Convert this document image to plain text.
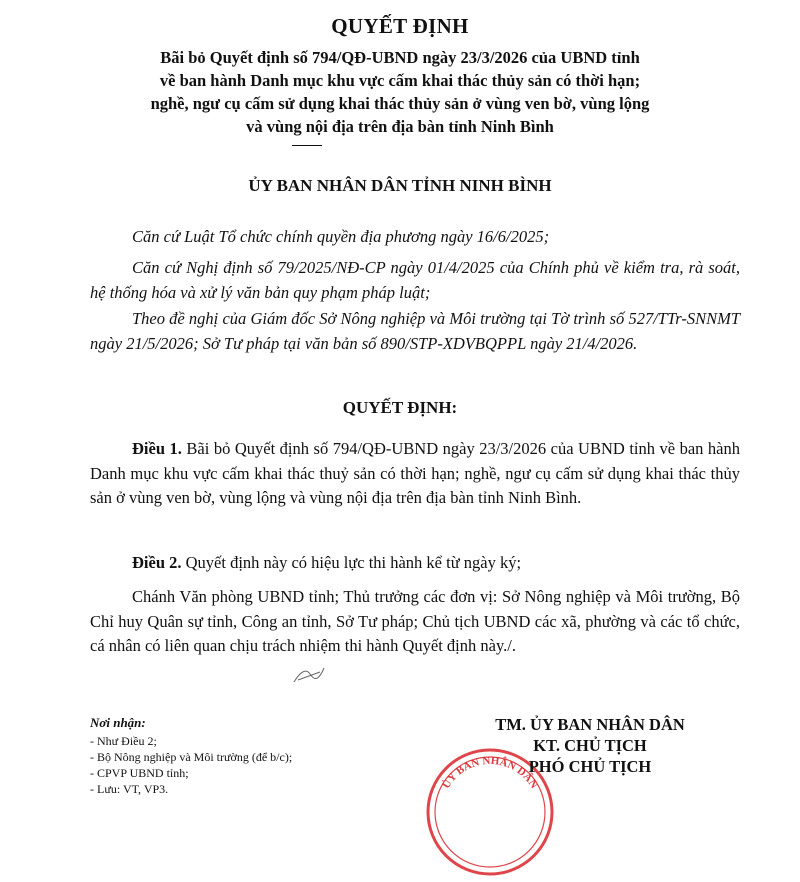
QUYẾT ĐỊNH
Bãi bỏ Quyết định số 794/QĐ-UBND ngày 23/3/2026 của UBND tỉnh
về ban hành Danh mục khu vực cấm khai thác thủy sản có thời hạn;
nghề, ngư cụ cấm sử dụng khai thác thủy sản ở vùng ven bờ, vùng lộng
và vùng nội địa trên địa bàn tỉnh Ninh Bình
ỦY BAN NHÂN DÂN TỈNH NINH BÌNH

Căn cứ Luật Tổ chức chính quyền địa phương ngày 16/6/2025;

Căn cứ Nghị định số 79/2025/NĐ-CP ngày 01/4/2025 của Chính phủ về kiểm tra, rà soát, hệ thống hóa và xử lý văn bản quy phạm pháp luật;

Theo đề nghị của Giám đốc Sở Nông nghiệp và Môi trường tại Tờ trình số 527/TTr-SNNMT ngày 21/5/2026; Sở Tư pháp tại văn bản số 890/STP-XDVBQPPL ngày 21/4/2026.

QUYẾT ĐỊNH:

Điều 1. Bãi bỏ Quyết định số 794/QĐ-UBND ngày 23/3/2026 của UBND tỉnh về ban hành Danh mục khu vực cấm khai thác thuỷ sản có thời hạn; nghề, ngư cụ cấm sử dụng khai thác thủy sản ở vùng ven bờ, vùng lộng và vùng nội địa trên địa bàn tỉnh Ninh Bình.

Điều 2. Quyết định này có hiệu lực thi hành kể từ ngày ký;

Chánh Văn phòng UBND tỉnh; Thủ trưởng các đơn vị: Sở Nông nghiệp và Môi trường, Bộ Chỉ huy Quân sự tỉnh, Công an tỉnh, Sở Tư pháp; Chủ tịch UBND các xã, phường và các tổ chức, cá nhân có liên quan chịu trách nhiệm thi hành Quyết định này./.

Nơi nhận:
- Như Điều 2;
- Bộ Nông nghiệp và Môi trường (để b/c);
- CPVP UBND tỉnh;
- Lưu: VT, VP3.	ỦY BAN NHÂN DÂN
TM. ỦY BAN NHÂN DÂN
KT. CHỦ TỊCH
PHÓ CHỦ TỊCH
